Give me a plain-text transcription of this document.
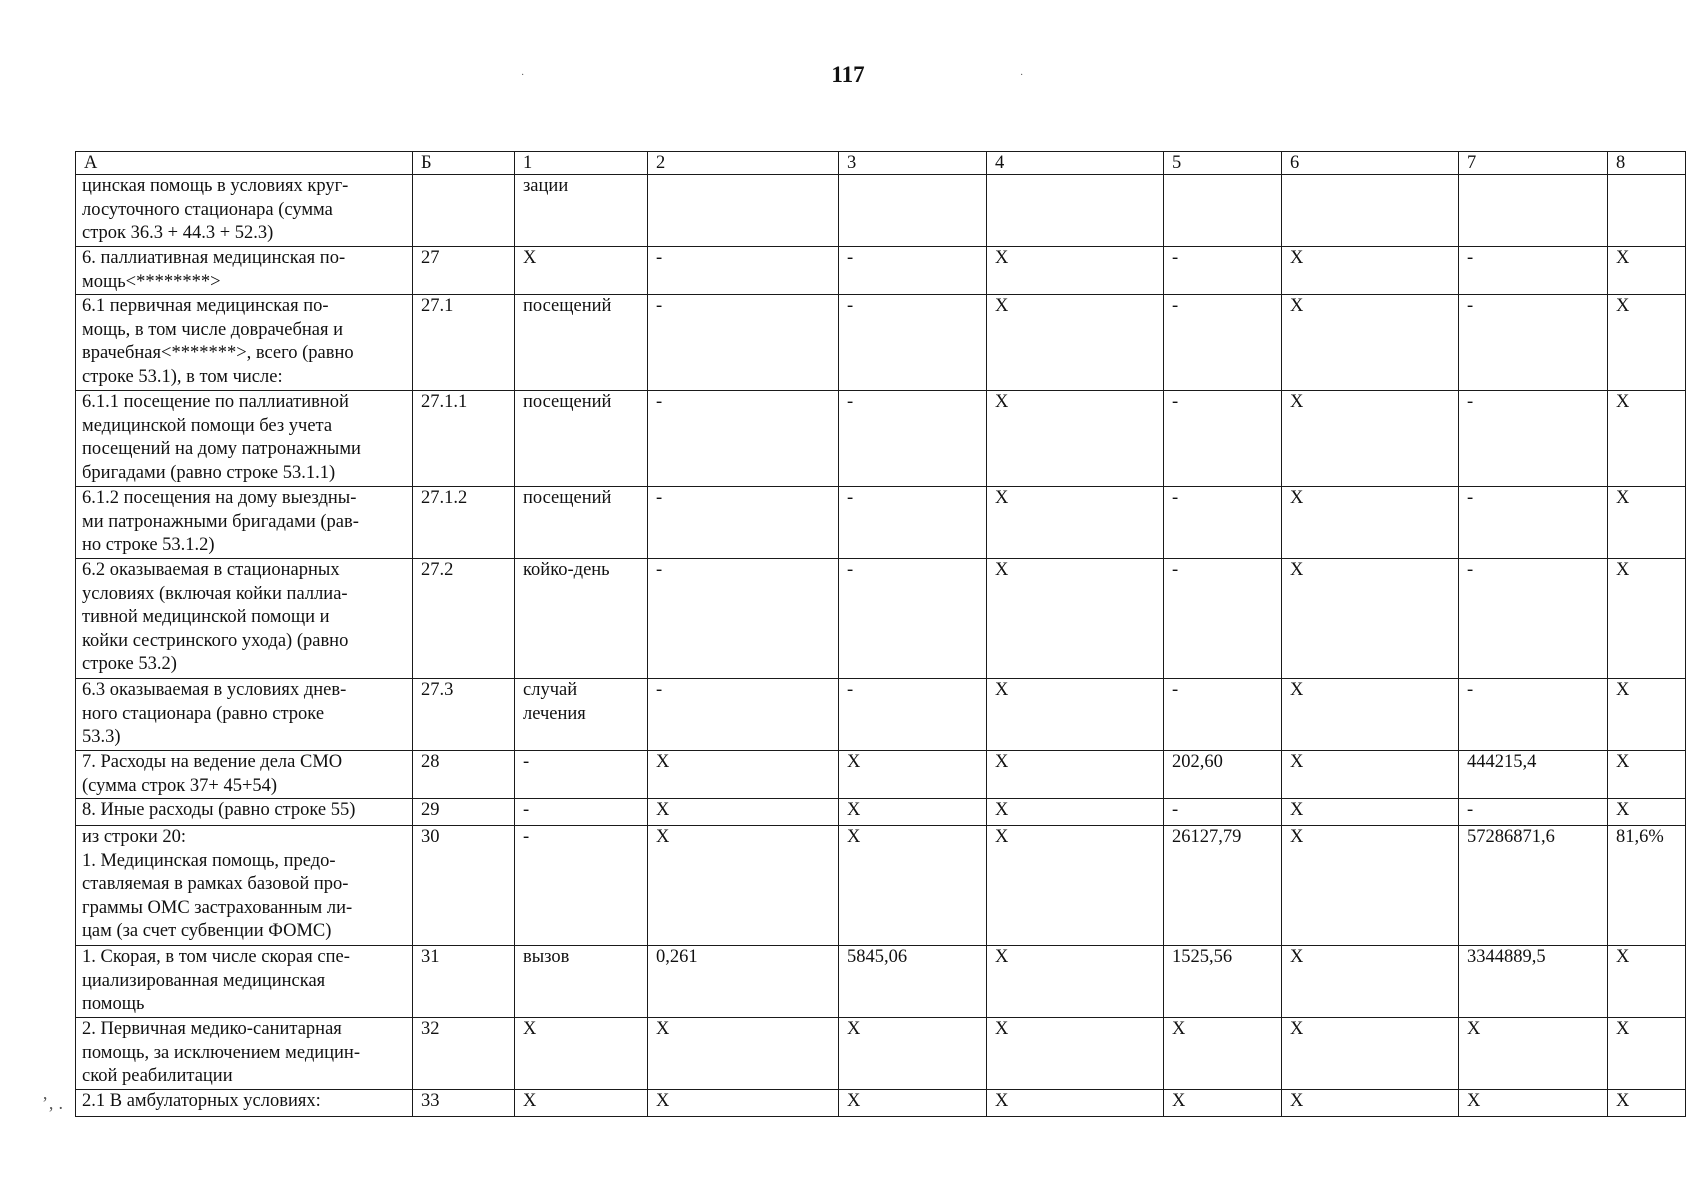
117
·	·
ʼ‚ .
А	Б	1	2	3	4	5	6	7	8
цинская помощь в условиях круг-
лосуточного стационара (сумма
строк 36.3 + 44.3 + 52.3)		зации							
6. паллиативная медицинская по-
мощь<********>	27	Х	-	-	Х	-	Х	-	Х
6.1 первичная медицинская по-
мощь, в том числе доврачебная и
врачебная<*******>, всего (равно
строке 53.1), в том числе:	27.1	посещений	-	-	Х	-	Х	-	Х
6.1.1 посещение по паллиативной
медицинской помощи без учета
посещений на дому патронажными
бригадами (равно строке 53.1.1)	27.1.1	посещений	-	-	Х	-	Х	-	Х
6.1.2 посещения на дому выездны-
ми патронажными бригадами (рав-
но строке 53.1.2)	27.1.2	посещений	-	-	Х	-	Х	-	Х
6.2 оказываемая в стационарных
условиях (включая койки паллиа-
тивной медицинской помощи и
койки сестринского ухода) (равно
строке 53.2)	27.2	койко-день	-	-	Х	-	Х	-	Х
6.3 оказываемая в условиях днев-
ного стационара (равно строке
53.3)	27.3	случай
лечения	-	-	Х	-	Х	-	Х
7. Расходы на ведение дела СМО
(сумма строк 37+ 45+54)	28	-	Х	Х	Х	202,60	Х	444215,4	Х
8. Иные расходы (равно строке 55)	29	-	Х	Х	Х	-	Х	-	Х
из строки 20:
1. Медицинская помощь, предо-
ставляемая в рамках базовой про-
граммы ОМС застрахованным ли-
цам (за счет субвенции ФОМС)	30	-	Х	Х	Х	26127,79	Х	57286871,6	81,6%
1. Скорая, в том числе скорая спе-
циализированная медицинская
помощь	31	вызов	0,261	5845,06	Х	1525,56	Х	3344889,5	Х
2. Первичная медико-санитарная
помощь, за исключением медицин-
ской реабилитации	32	Х	Х	Х	Х	Х	Х	Х	Х
2.1 В амбулаторных условиях:	33	Х	Х	Х	Х	Х	Х	Х	Х
